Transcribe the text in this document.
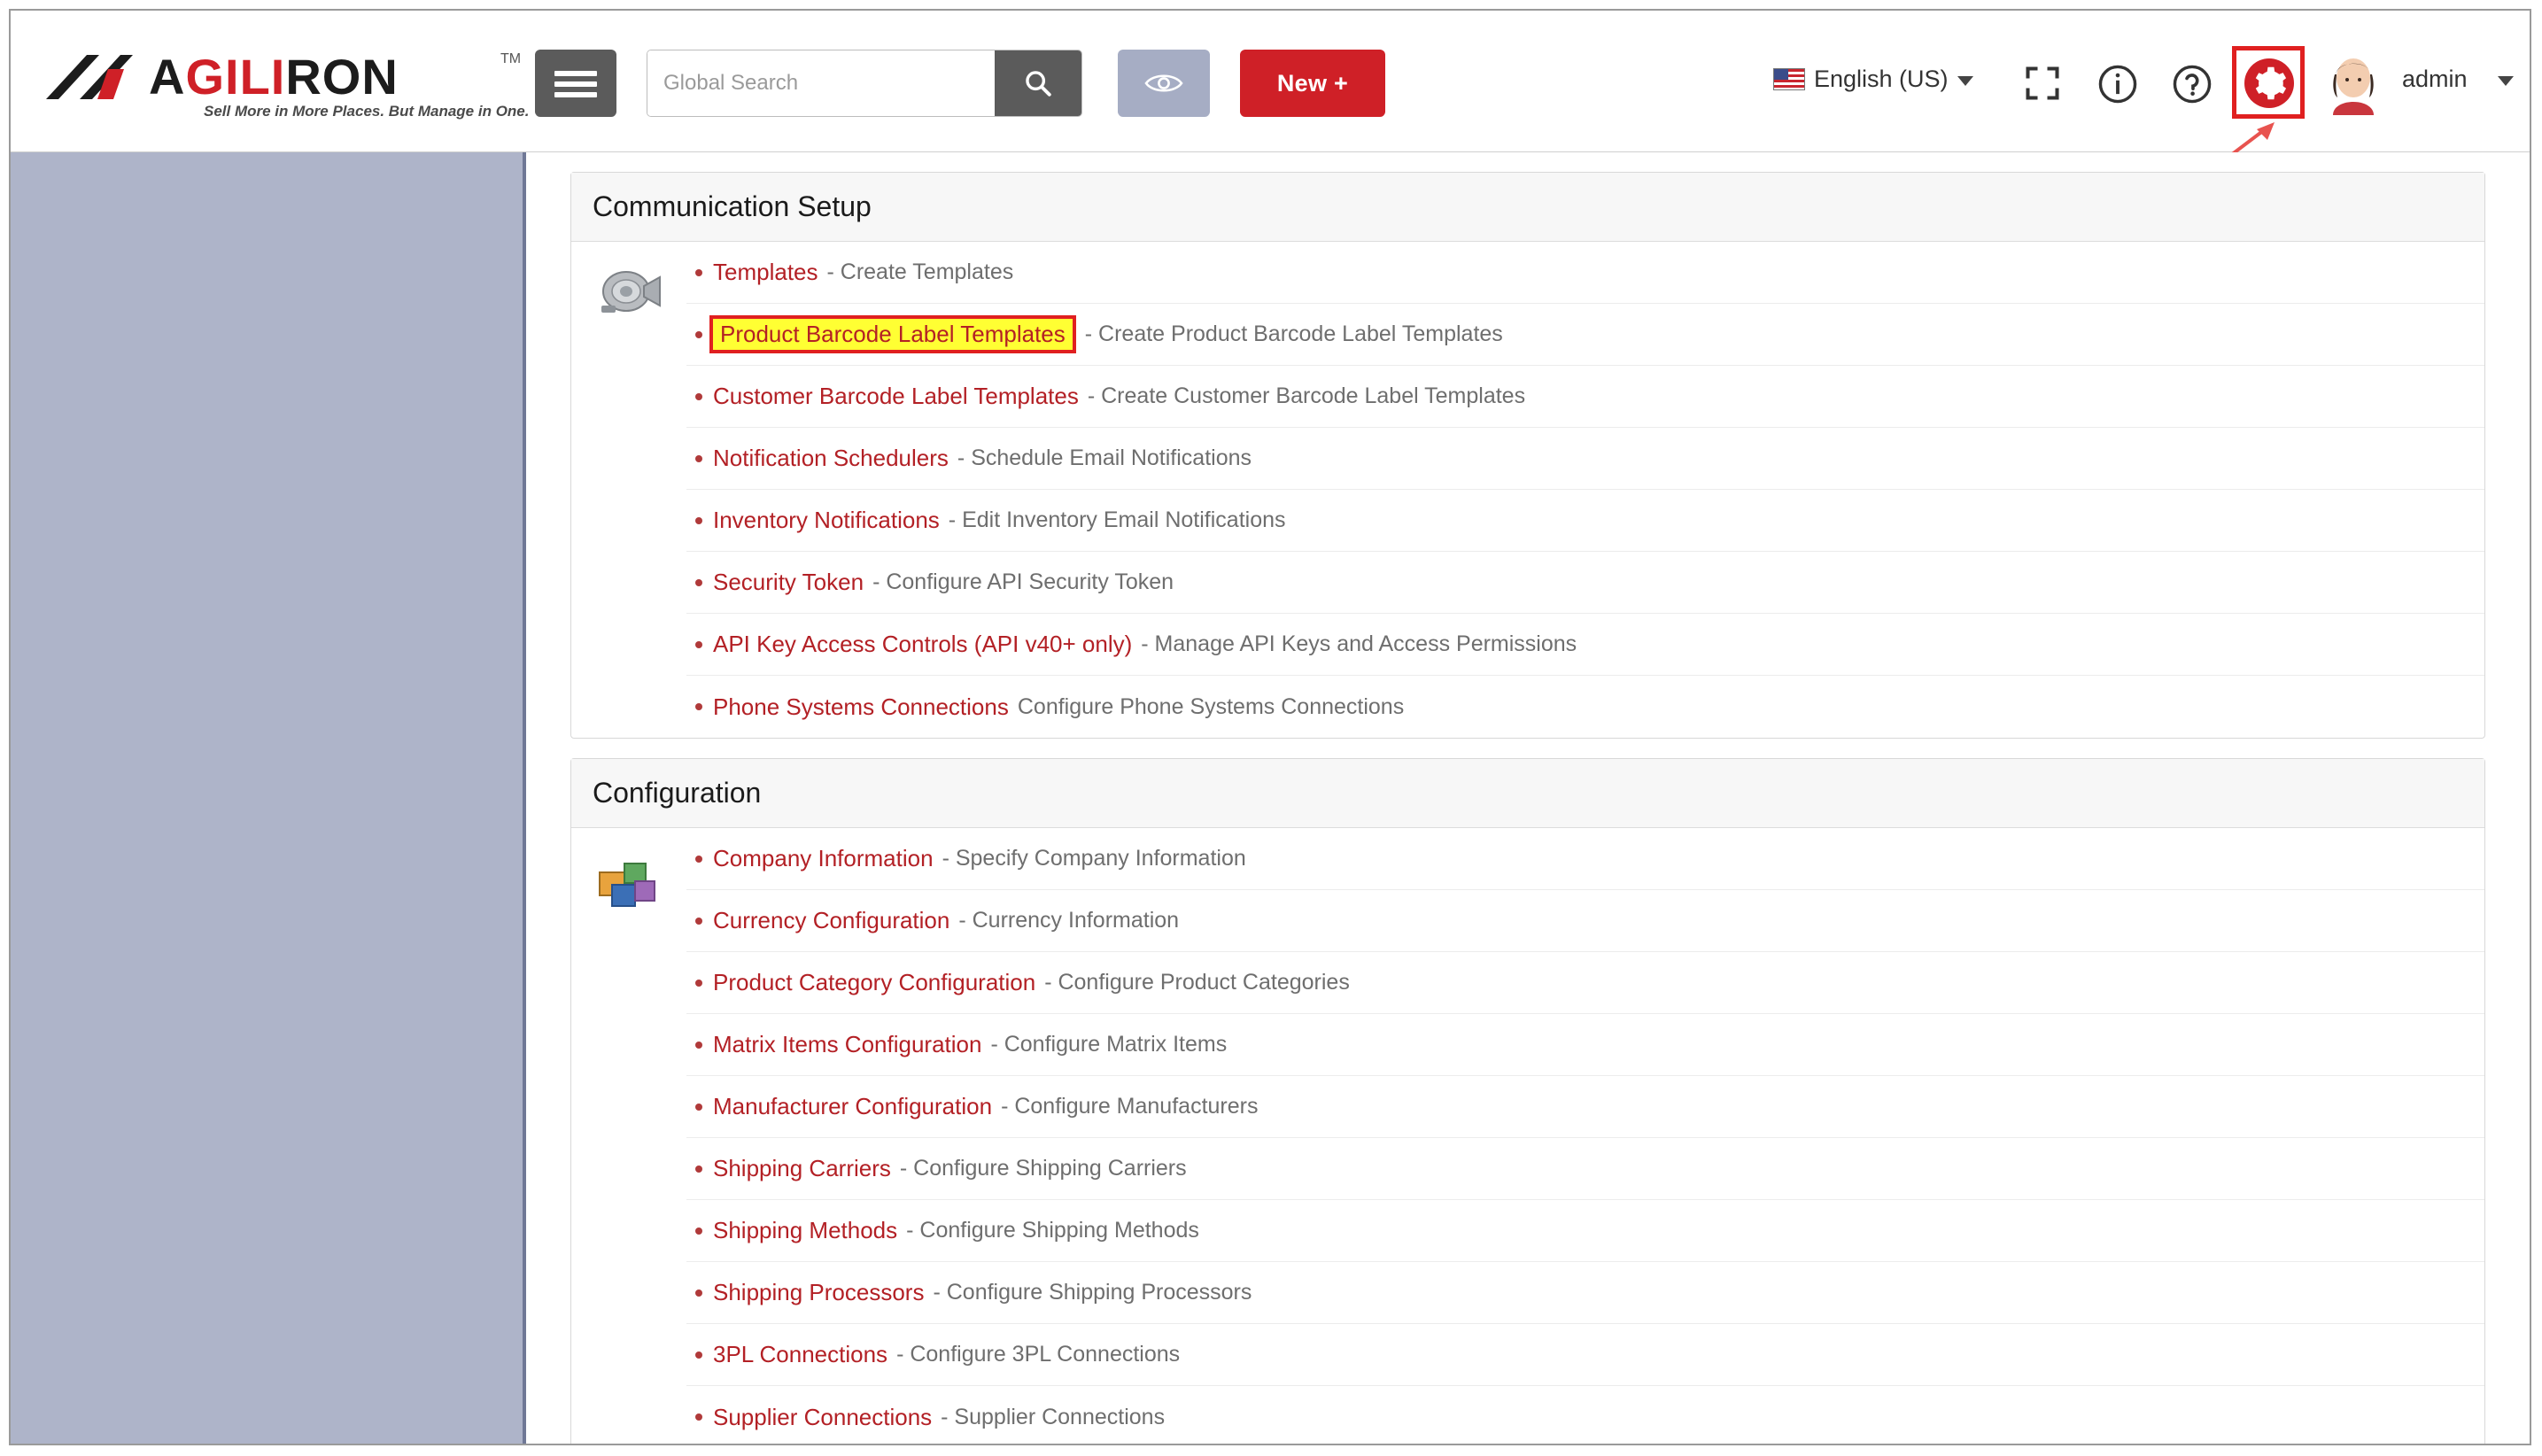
AGILIRON	TM
Sell More in More Places. But Manage in One.
Global Search
New +	English (US)	admin
Communication Setup
Templates - Create Templates
Product Barcode Label Templates - Create Product Barcode Label Templates
Customer Barcode Label Templates - Create Customer Barcode Label Templates
Notification Schedulers - Schedule Email Notifications
Inventory Notifications - Edit Inventory Email Notifications
Security Token - Configure API Security Token
API Key Access Controls (API v40+ only) - Manage API Keys and Access Permissions
Phone Systems Connections Configure Phone Systems Connections
Configuration
Company Information - Specify Company Information
Currency Configuration - Currency Information
Product Category Configuration - Configure Product Categories
Matrix Items Configuration - Configure Matrix Items
Manufacturer Configuration - Configure Manufacturers
Shipping Carriers - Configure Shipping Carriers
Shipping Methods - Configure Shipping Methods
Shipping Processors - Configure Shipping Processors
3PL Connections - Configure 3PL Connections
Supplier Connections - Supplier Connections
